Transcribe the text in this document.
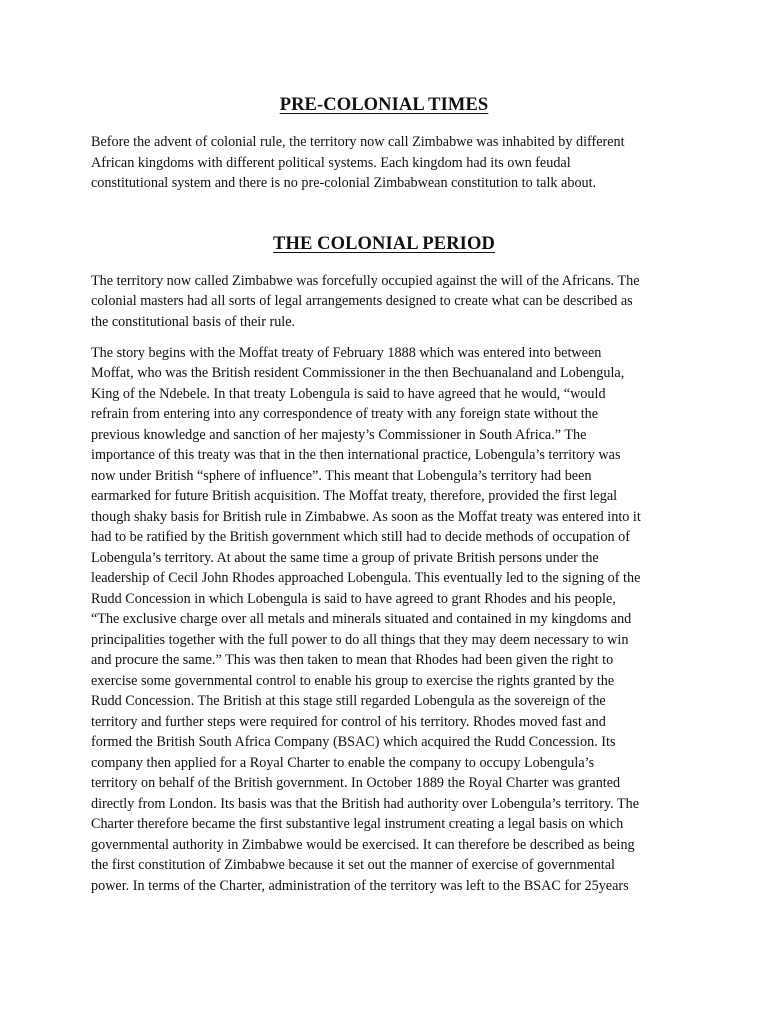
PRE-COLONIAL TIMES

Before the advent of colonial rule, the territory now call Zimbabwe was inhabited by different
African kingdoms with different political systems. Each kingdom had its own feudal
constitutional system and there is no pre-colonial Zimbabwean constitution to talk about.

THE COLONIAL PERIOD

The territory now called Zimbabwe was forcefully occupied against the will of the Africans. The
colonial masters had all sorts of legal arrangements designed to create what can be described as
the constitutional basis of their rule.

The story begins with the Moffat treaty of February 1888 which was entered into between
Moffat, who was the British resident Commissioner in the then Bechuanaland and Lobengula,
King of the Ndebele. In that treaty Lobengula is said to have agreed that he would, “would
refrain from entering into any correspondence of treaty with any foreign state without the
previous knowledge and sanction of her majesty’s Commissioner in South Africa.” The
importance of this treaty was that in the then international practice, Lobengula’s territory was
now under British “sphere of influence”. This meant that Lobengula’s territory had been
earmarked for future British acquisition. The Moffat treaty, therefore, provided the first legal
though shaky basis for British rule in Zimbabwe. As soon as the Moffat treaty was entered into it
had to be ratified by the British government which still had to decide methods of occupation of
Lobengula’s territory. At about the same time a group of private British persons under the
leadership of Cecil John Rhodes approached Lobengula. This eventually led to the signing of the
Rudd Concession in which Lobengula is said to have agreed to grant Rhodes and his people,
“The exclusive charge over all metals and minerals situated and contained in my kingdoms and
principalities together with the full power to do all things that they may deem necessary to win
and procure the same.” This was then taken to mean that Rhodes had been given the right to
exercise some governmental control to enable his group to exercise the rights granted by the
Rudd Concession. The British at this stage still regarded Lobengula as the sovereign of the
territory and further steps were required for control of his territory. Rhodes moved fast and
formed the British South Africa Company (BSAC) which acquired the Rudd Concession. Its
company then applied for a Royal Charter to enable the company to occupy Lobengula’s
territory on behalf of the British government. In October 1889 the Royal Charter was granted
directly from London. Its basis was that the British had authority over Lobengula’s territory. The
Charter therefore became the first substantive legal instrument creating a legal basis on which
governmental authority in Zimbabwe would be exercised. It can therefore be described as being
the first constitution of Zimbabwe because it set out the manner of exercise of governmental
power. In terms of the Charter, administration of the territory was left to the BSAC for 25years
